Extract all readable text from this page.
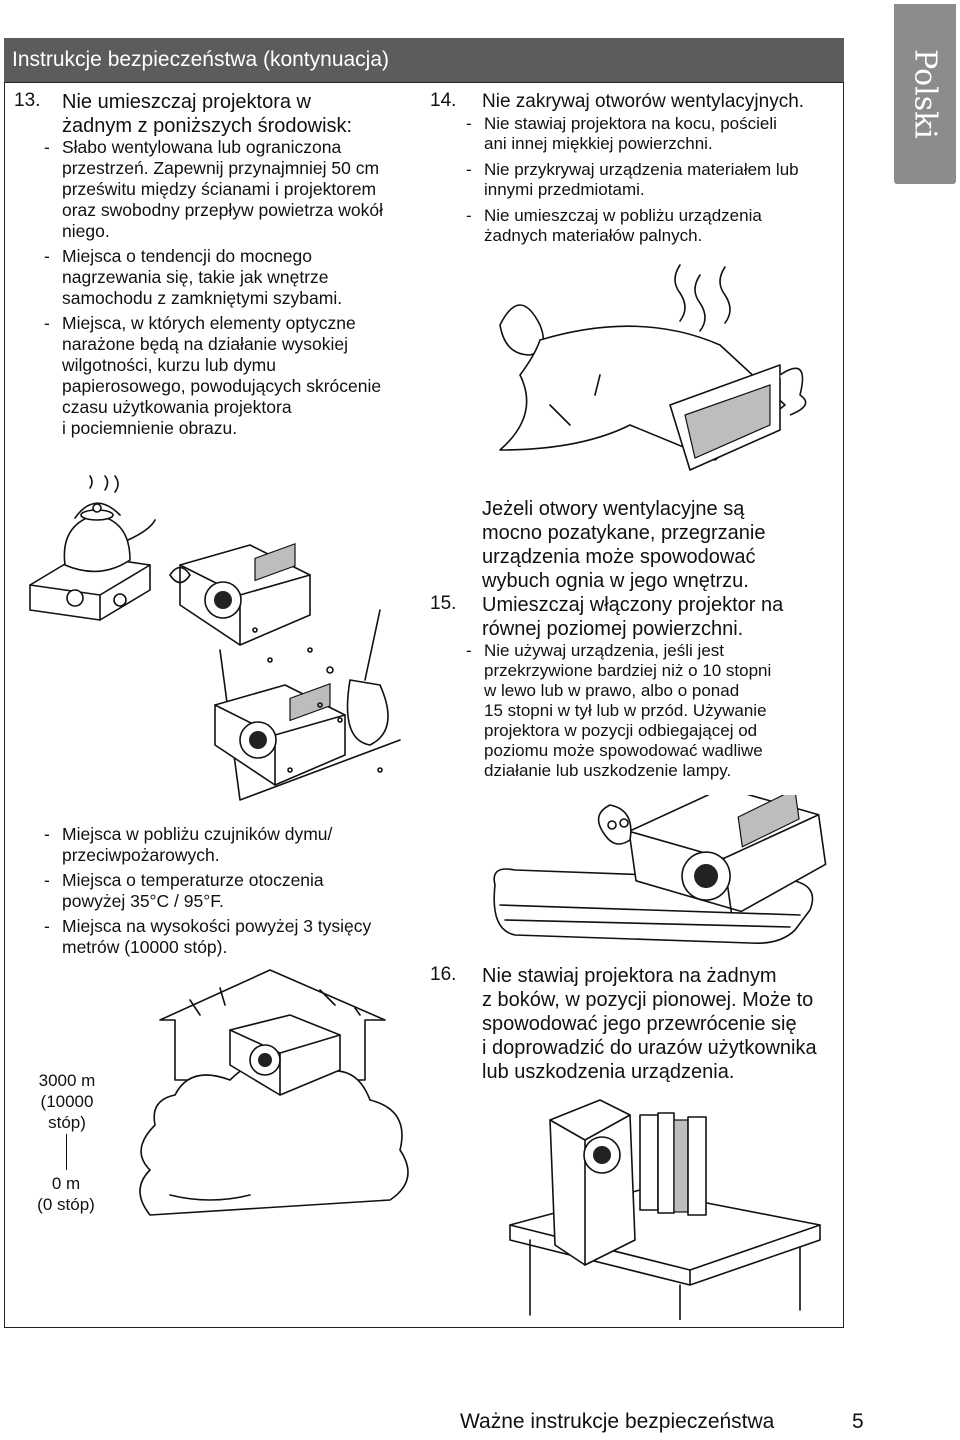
Instrukcje bezpieczeństwa (kontynuacja)	Polski
13. Nie umieszczaj projektora w
żadnym z poniższych środowisk:
- Słabo wentylowana lub ograniczona
przestrzeń. Zapewnij przynajmniej 50 cm
prześwitu między ścianami i projektorem
oraz swobodny przepływ powietrza wokół
niego.
- Miejsca o tendencji do mocnego
nagrzewania się, takie jak wnętrze
samochodu z zamkniętymi szybami.
- Miejsca, w których elementy optyczne
narażone będą na działanie wysokiej
wilgotności, kurzu lub dymu
papierosowego, powodujących skrócenie
czasu użytkowania projektora
i pociemnienie obrazu.
- Miejsca w pobliżu czujników dymu/
przeciwpożarowych.
- Miejsca o temperaturze otoczenia
powyżej 35°C / 95°F.
- Miejsca na wysokości powyżej 3 tysięcy
metrów (10000 stóp).
3000 m
(10000
stóp)
0 m
(0 stóp)
14. Nie zakrywaj otworów wentylacyjnych.
- Nie stawiaj projektora na kocu, pościeli
ani innej miękkiej powierzchni.
- Nie przykrywaj urządzenia materiałem lub
innymi przedmiotami.
- Nie umieszczaj w pobliżu urządzenia
żadnych materiałów palnych.
Jeżeli otwory wentylacyjne są
mocno pozatykane, przegrzanie
urządzenia może spowodować
wybuch ognia w jego wnętrzu.
15. Umieszczaj włączony projektor na
równej poziomej powierzchni.
- Nie używaj urządzenia, jeśli jest
przekrzywione bardziej niż o 10 stopni
w lewo lub w prawo, albo o ponad
15 stopni w tył lub w przód. Używanie
projektora w pozycji odbiegającej od
poziomu może spowodować wadliwe
działanie lub uszkodzenie lampy.
16. Nie stawiaj projektora na żadnym
z boków, w pozycji pionowej. Może to
spowodować jego przewrócenie się
i doprowadzić do urazów użytkownika
lub uszkodzenia urządzenia.
Ważne instrukcje bezpieczeństwa	5
